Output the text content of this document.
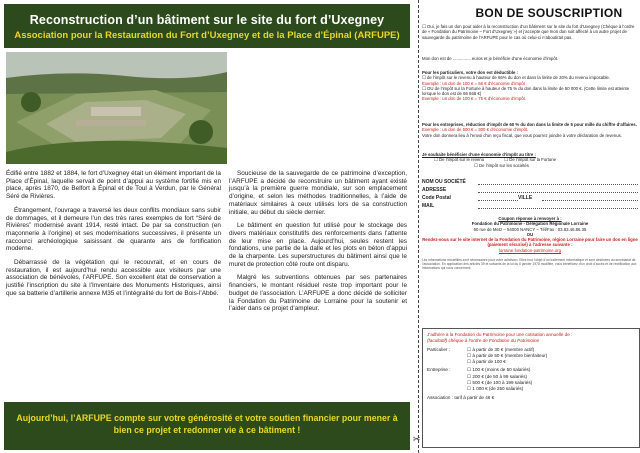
Reconstruction d’un bâtiment sur le site du fort d’Uxegney
Association pour la Restauration du Fort d’Uxegney et de la Place d’Épinal (ARFUPE)

Édifié entre 1882 et 1884, le fort d’Uxegney était un élément important de la Place d’Épinal, laquelle servait de point d’appui au système fortifié mis en place, après 1870, de Belfort à Épinal et de Toul à Verdun, par le Général Séré de Rivières.

Étrangement, l’ouvrage a traversé les deux conflits mondiaux sans subir de dommages, et il demeure l’un des très rares exemples de fort “Séré de Rivières” modernisé avant 1914, resté intact. De par sa construction (en maçonnerie à l’origine) et ses modernisations successives, il présente un raccourci archéologique saisissant de quarante ans de fortification moderne.

Débarrassé de la végétation qui le recouvrait, et en cours de restauration, il est aujourd’hui rendu accessible aux visiteurs par une association de bénévoles, l’ARFUPE. Son excellent état de conservation a justifié l’inscription du site à l’Inventaire des Monuments Historiques, ainsi que sa batterie d’artillerie annexe M35 et l’intégralité du fort de Bois-l’Abbé.

Soucieuse de la sauvegarde de ce patrimoine d’exception, l’ARFUPE a décidé de reconstruire un bâtiment ayant existé jusqu’à la première guerre mondiale, sur son emplacement d’origine, et selon les méthodes traditionnelles, à l’aide de matériaux similaires à ceux utilisés lors de sa construction initiale, au début du siècle dernier.

Le bâtiment en question fut utilisé pour le stockage des divers matériaux constitutifs des renforcements dans l’attente de leur mise en place. Aujourd’hui, seules restent les fondations, une partie de la dalle et les plots en béton d’appui de la charpente. Les superstructures du bâtiment ainsi que le muret de protection côté route ont disparu.

Malgré les subventions obtenues par ses partenaires financiers, le montant résiduel reste trop important pour le budget de l’association. L’ARFUPE a donc décidé de solliciter la Fondation du Patrimoine de Lorraine pour la soutenir et l’aider dans ce projet d’ampleur.

Aujourd’hui, l’ARFUPE compte sur votre générosité et votre soutien financier pour mener à bien ce projet et redonner vie à ce bâtiment !
✂
BON DE SOUSCRIPTION
☐ Oui, je fais un don pour aider à la reconstruction d’un bâtiment sur le site du fort d’Uxegney (Chèque à l’ordre de « Fondation du Patrimoine – Fort d’Uxegney ») et j’accepte que mon don soit affecté à un autre projet de sauvegarde du patrimoine de l’ARFUPE pour le cas où celui-ci n’aboutirait pas.
Mon don est de ............... euros et je bénéficie d’une économie d’impôt.
Pour les particuliers, votre don est déductible :
☐ de l’impôt sur le revenu à hauteur de 66% du don et dans la limite de 20% du revenu imposable.
Exemple : un don de 100 € = 66 € d’économie d’impôt
☐ OU de l’impôt sur la Fortune à hauteur de 75 % du don dans la limite de 50 000 €. (Cette limite est atteinte lorsque le don est de 66 666 €)
Exemple : un don de 100 € = 75 € d’économie d’impôt.
Pour les entreprises, réduction d’impôt de 60 % du don dans la limite de 5 pour mille du chiffre d’affaires.
Exemple : un don de 500 € = 300 € d’économie d’impôt.
Votre don donnera lieu à l’envoi d’un reçu fiscal, que vous pourrez joindre à votre déclaration de revenus.
Je souhaite bénéficier d’une économie d’impôt au titre :
☐ De l’impôt sur le revenu	☐ De l’impôt sur la Fortune
☐ De l’impôt sur les sociétés
NOM OU SOCIÉTÉ
ADRESSE
Code Postal	VILLE
MAIL
Coupon réponse à renvoyer à :
Fondation du Patrimoine - Délégation Régionale Lorraine
60 rue de Metz – 54000 NANCY – Tél/Fax : 03.83.46.86.35
OU
Rendez-vous sur le site internet de la Fondation du Patrimoine, région Lorraine pour faire un don en ligne (paiement sécurisé) à l’adresse suivante :
lorraine.fondation-patrimoine.org
Les informations recueillies sont nécessaires pour votre adhésion. Elles font l’objet d’un traitement informatique et sont destinées au secrétariat de l’association. En application des articles 39 et suivants de la loi du 6 janvier 1978 modifiée, vous bénéficiez d’un droit d’accès et de rectification aux informations qui vous concernent.
J’adhère à la Fondation du Patrimoine pour une cotisation annuelle de :
(facultatif) chèque à l’ordre de Fondation du Patrimoine
Particulier :	☐ à partir de 30 € (membre actif)
☐ à partir de 50 € (membre bienfaiteur)
☐ à partir de 100 €
Entreprise :	☐ 100 € (moins de 50 salariés)
☐ 200 € (de 50 à 99 salariés)
☐ 500 € (de 100 à 199 salariés)
☐ 1 000 € (de 250 salariés)
Association : tarif à partir de 46 €
